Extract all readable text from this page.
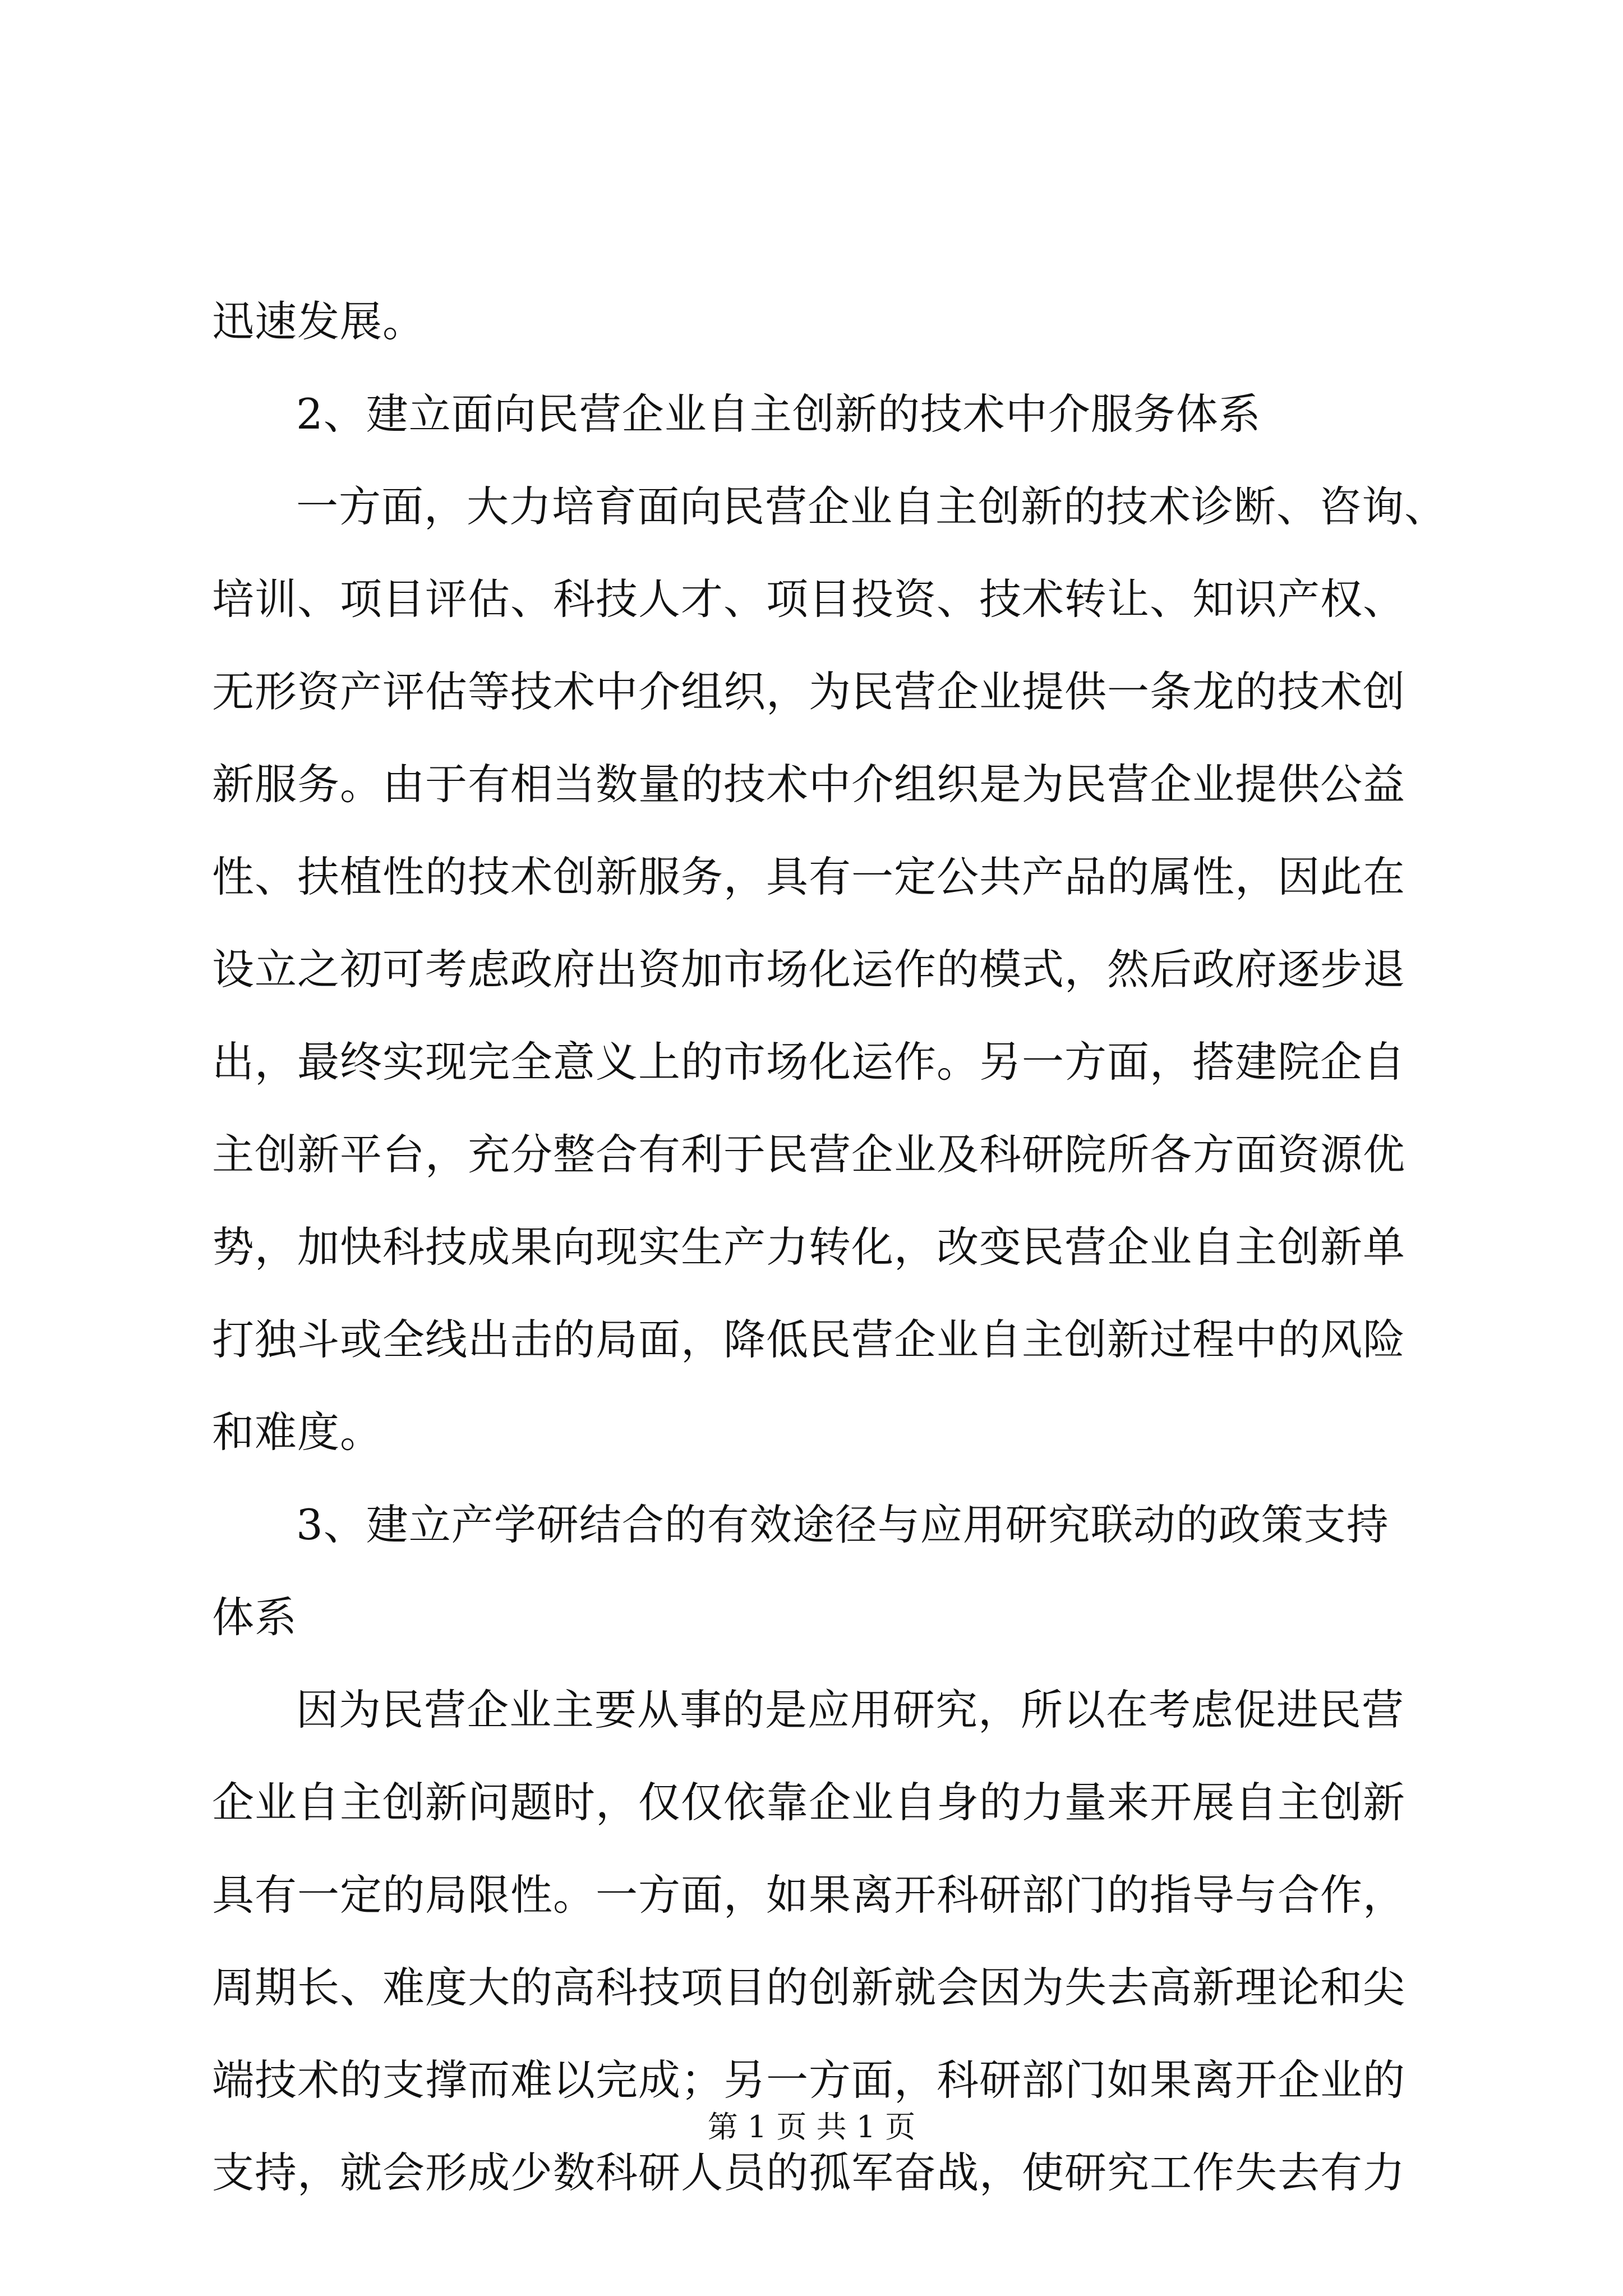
迅速发展。
2、建立面向民营企业自主创新的技术中介服务体系
一方面，大力培育面向民营企业自主创新的技术诊断、咨询、
培训、项目评估、科技人才、项目投资、技术转让、知识产权、
无形资产评估等技术中介组织，为民营企业提供一条龙的技术创
新服务。由于有相当数量的技术中介组织是为民营企业提供公益
性、扶植性的技术创新服务，具有一定公共产品的属性，因此在
设立之初可考虑政府出资加市场化运作的模式，然后政府逐步退
出，最终实现完全意义上的市场化运作。另一方面，搭建院企自
主创新平台，充分整合有利于民营企业及科研院所各方面资源优
势，加快科技成果向现实生产力转化，改变民营企业自主创新单
打独斗或全线出击的局面，降低民营企业自主创新过程中的风险
和难度。
3、建立产学研结合的有效途径与应用研究联动的政策支持
体系
因为民营企业主要从事的是应用研究，所以在考虑促进民营
企业自主创新问题时，仅仅依靠企业自身的力量来开展自主创新
具有一定的局限性。一方面，如果离开科研部门的指导与合作，
周期长、难度大的高科技项目的创新就会因为失去高新理论和尖
端技术的支撑而难以完成；另一方面，科研部门如果离开企业的
支持，就会形成少数科研人员的孤军奋战，使研究工作失去有力
第 1 页 共 1 页
